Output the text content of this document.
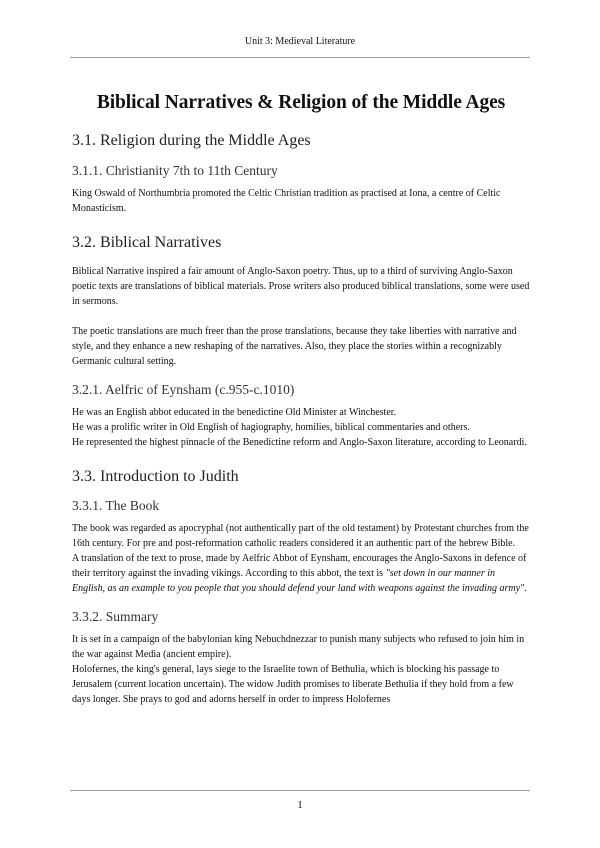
Unit 3: Medieval Literature
Biblical Narratives & Religion of the Middle Ages
3.1. Religion during the Middle Ages
3.1.1. Christianity 7th to 11th Century

King Oswald of Northumbria promoted the Celtic Christian tradition as practised at Iona, a centre of Celtic Monasticism.

3.2. Biblical Narratives

Biblical Narrative inspired a fair amount of Anglo-Saxon poetry. Thus, up to a third of surviving Anglo-Saxon poetic texts are translations of biblical materials. Prose writers also produced biblical translations, some were used in sermons.

The poetic translations are much freer than the prose translations, because they take liberties with narrative and style, and they enhance a new reshaping of the narratives. Also, they place the stories within a recognizably Germanic cultural setting.

3.2.1. Aelfric of Eynsham (c.955-c.1010)

He was an English abbot educated in the benedictine Old Minister at Winchester.

He was a prolific writer in Old English of hagiography, homilies, biblical commentaries and others.

He represented the highest pinnacle of the Benedictine reform and Anglo-Saxon literature, according to Leonardi.

3.3. Introduction to Judith
3.3.1. The Book

The book was regarded as apocryphal (not authentically part of the old testament) by Protestant churches from the 16th century. For pre and post-reformation catholic readers considered it an authentic part of the hebrew Bible.

A translation of the text to prose, made by Aelfric Abbot of Eynsham, encourages the Anglo-Saxons in defence of their territory against the invading vikings. According to this abbot, the text is "set down in our manner in English, as an example to you people that you should defend your land with weapons against the invading army".

3.3.2. Summary

It is set in a campaign of the babylonian king Nebuchdnezzar to punish many subjects who refused to join him in the war against Media (ancient empire).

Holofernes, the king's general, lays siege to the Israelite town of Bethulia, which is blocking his passage to Jerusalem (current location uncertain). The widow Judith promises to liberate Bethulia if they hold from a few days longer. She prays to god and adorns herself in order to impress Holofernes

1
